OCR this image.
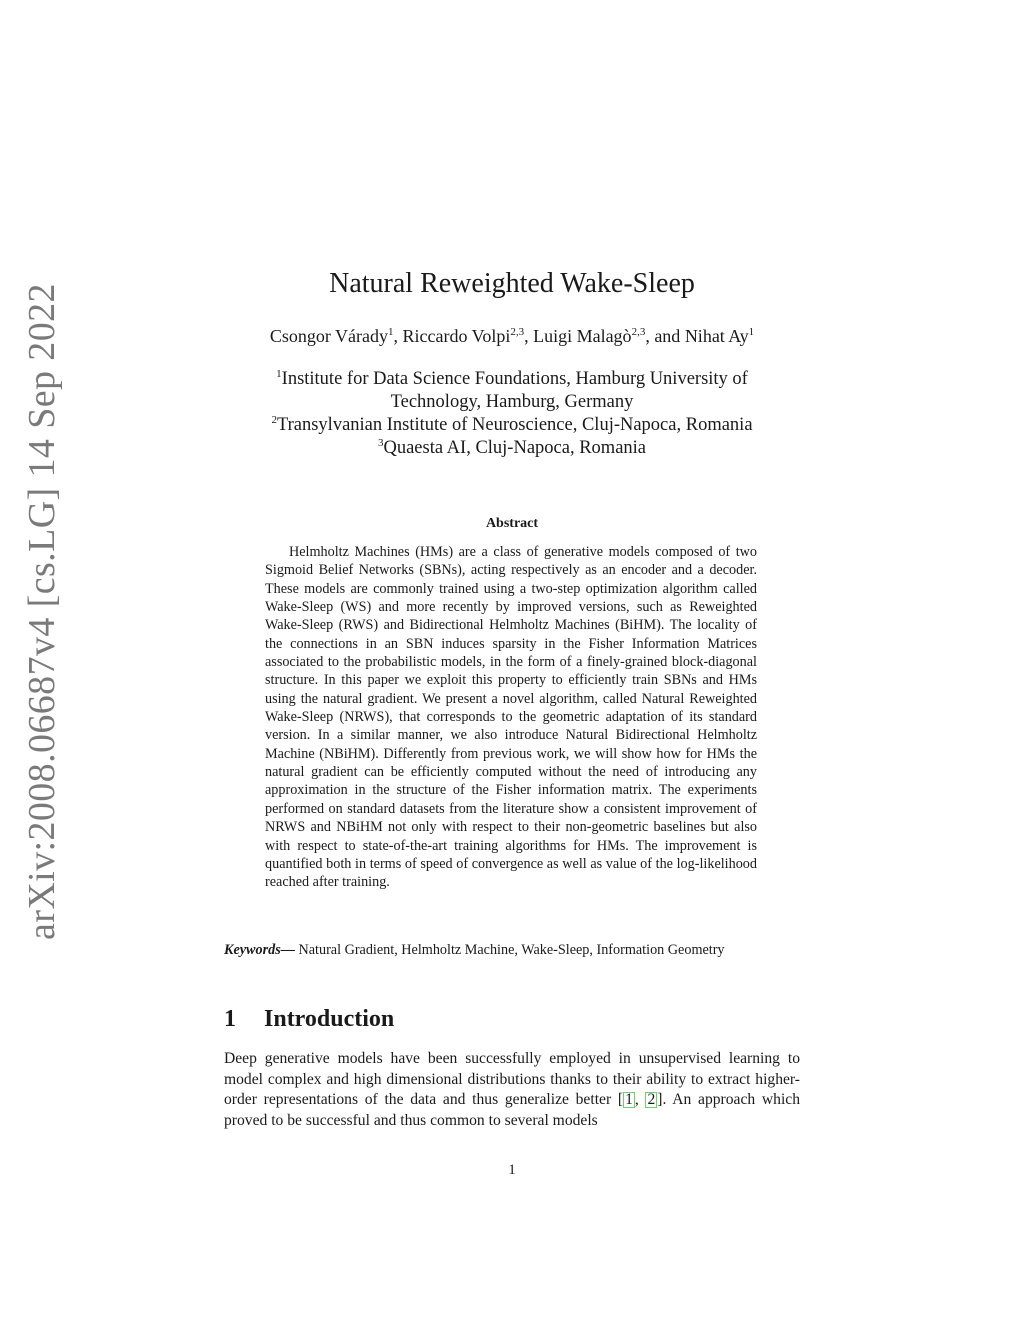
arXiv:2008.06687v4 [cs.LG] 14 Sep 2022	Natural Reweighted Wake-Sleep
Csongor Várady$^1$, Riccardo Volpi$^{2,3}$, Luigi Malagò$^{2,3}$, and Nihat Ay$^1$
$^1$Institute for Data Science Foundations, Hamburg University of
Technology, Hamburg, Germany
$^2$Transylvanian Institute of Neuroscience, Cluj-Napoca, Romania
$^3$Quaesta AI, Cluj-Napoca, Romania
Abstract

Helmholtz Machines (HMs) are a class of generative models composed of two Sigmoid Belief Networks (SBNs), acting respectively as an encoder and a decoder. These models are commonly trained using a two-step optimization algorithm called Wake-Sleep (WS) and more recently by improved versions, such as Reweighted Wake-Sleep (RWS) and Bidirectional Helmholtz Machines (BiHM). The locality of the connections in an SBN induces sparsity in the Fisher Information Matrices associated to the probabilistic models, in the form of a finely-grained block-diagonal structure. In this paper we exploit this property to efficiently train SBNs and HMs using the natural gradient. We present a novel algorithm, called Natural Reweighted Wake-Sleep (NRWS), that corresponds to the geometric adaptation of its standard version. In a similar manner, we also introduce Natural Bidirectional Helmholtz Machine (NBiHM). Differently from previous work, we will show how for HMs the natural gradient can be efficiently computed without the need of introducing any approximation in the structure of the Fisher information matrix. The experiments performed on standard datasets from the literature show a consistent improvement of NRWS and NBiHM not only with respect to their non-geometric baselines but also with respect to state-of-the-art training algorithms for HMs. The improvement is quantified both in terms of speed of convergence as well as value of the log-likelihood reached after training.

Keywords— Natural Gradient, Helmholtz Machine, Wake-Sleep, Information Geometry

1 Introduction

Deep generative models have been successfully employed in unsupervised learning to model complex and high dimensional distributions thanks to their ability to extract higher-order representations of the data and thus generalize better [ 1 , 2 ]. An approach which proved to be successful and thus common to several models

1
